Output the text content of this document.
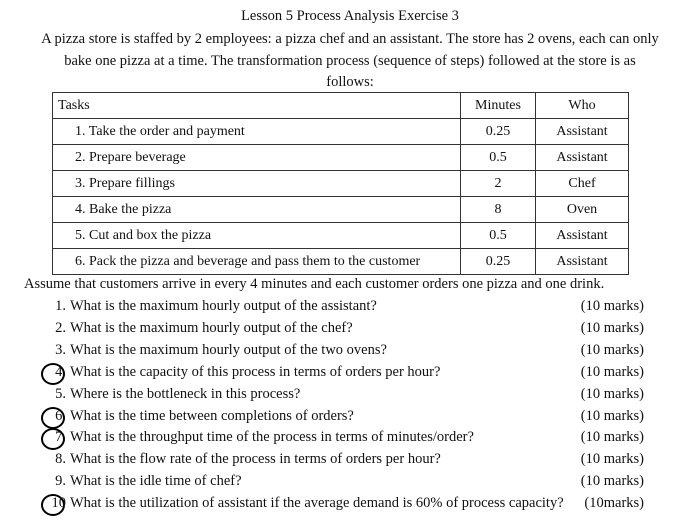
Lesson 5 Process Analysis Exercise 3
A pizza store is staffed by 2 employees: a pizza chef and an assistant. The store has 2 ovens, each can only
bake one pizza at a time. The transformation process (sequence of steps) followed at the store is as
follows:
Tasks	Minutes	Who
1. Take the order and payment	0.25	Assistant
2. Prepare beverage	0.5	Assistant
3. Prepare fillings	2	Chef
4. Bake the pizza	8	Oven
5. Cut and box the pizza	0.5	Assistant
6. Pack the pizza and beverage and pass them to the customer	0.25	Assistant
Assume that customers arrive in every 4 minutes and each customer orders one pizza and one drink.
1. What is the maximum hourly output of the assistant?	(10 marks)
2. What is the maximum hourly output of the chef?	(10 marks)
3. What is the maximum hourly output of the two ovens?	(10 marks)
4. What is the capacity of this process in terms of orders per hour?	(10 marks)
5. Where is the bottleneck in this process?	(10 marks)
6. What is the time between completions of orders?	(10 marks)
7. What is the throughput time of the process in terms of minutes/order?	(10 marks)
8. What is the flow rate of the process in terms of orders per hour?	(10 marks)
9. What is the idle time of chef?	(10 marks)
10 What is the utilization of assistant if the average demand is 60% of process capacity? (10marks)
